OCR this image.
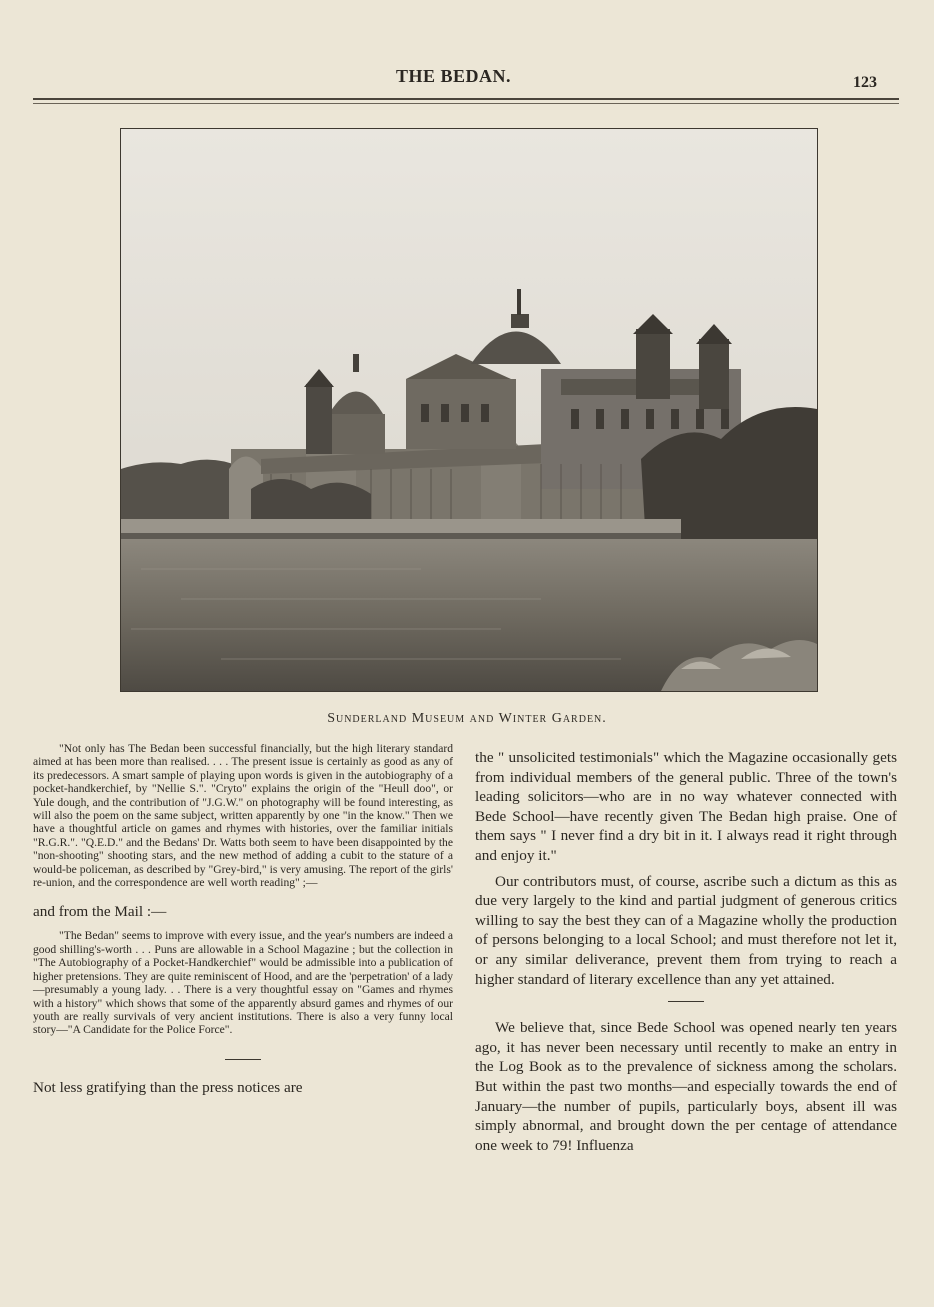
THE BEDAN.	123
Sunderland Museum and Winter Garden.

"Not only has The Bedan been successful financially, but the high literary standard aimed at has been more than realised. . . . The present issue is certainly as good as any of its predecessors. A smart sample of playing upon words is given in the autobiography of a pocket-handkerchief, by "Nellie S.". "Cryto" explains the origin of the "Heull doo", or Yule dough, and the contribution of "J.G.W." on photography will be found interesting, as will also the poem on the same subject, written apparently by one "in the know." Then we have a thoughtful article on games and rhymes with histories, over the familiar initials "R.G.R.". "Q.E.D." and the Bedans' Dr. Watts both seem to have been disappointed by the "non-shooting" shooting stars, and the new method of adding a cubit to the stature of a would-be policeman, as described by "Grey-bird," is very amusing. The report of the girls' re-union, and the correspondence are well worth reading" ;—

and from the Mail :—

"The Bedan" seems to improve with every issue, and the year's numbers are indeed a good shilling's-worth . . . Puns are allowable in a School Magazine ; but the collection in "The Autobiography of a Pocket-Handkerchief" would be admissible into a publication of higher pretensions. They are quite reminiscent of Hood, and are the 'perpetration' of a lady—presumably a young lady. . . There is a very thoughtful essay on "Games and rhymes with a history" which shows that some of the apparently absurd games and rhymes of our youth are really survivals of very ancient institutions. There is also a very funny local story—"A Candidate for the Police Force".

Not less gratifying than the press notices are

the " unsolicited testimonials" which the Magazine occasionally gets from individual members of the general public. Three of the town's leading solicitors—who are in no way whatever connected with Bede School—have recently given The Bedan high praise. One of them says " I never find a dry bit in it. I always read it right through and enjoy it."

Our contributors must, of course, ascribe such a dictum as this as due very largely to the kind and partial judgment of generous critics willing to say the best they can of a Magazine wholly the production of persons belonging to a local School; and must therefore not let it, or any similar deliverance, prevent them from trying to reach a higher standard of literary excellence than any yet attained.

We believe that, since Bede School was opened nearly ten years ago, it has never been necessary until recently to make an entry in the Log Book as to the prevalence of sickness among the scholars. But within the past two months—and especially towards the end of January—the number of pupils, particularly boys, absent ill was simply abnormal, and brought down the per centage of attendance one week to 79! Influenza
